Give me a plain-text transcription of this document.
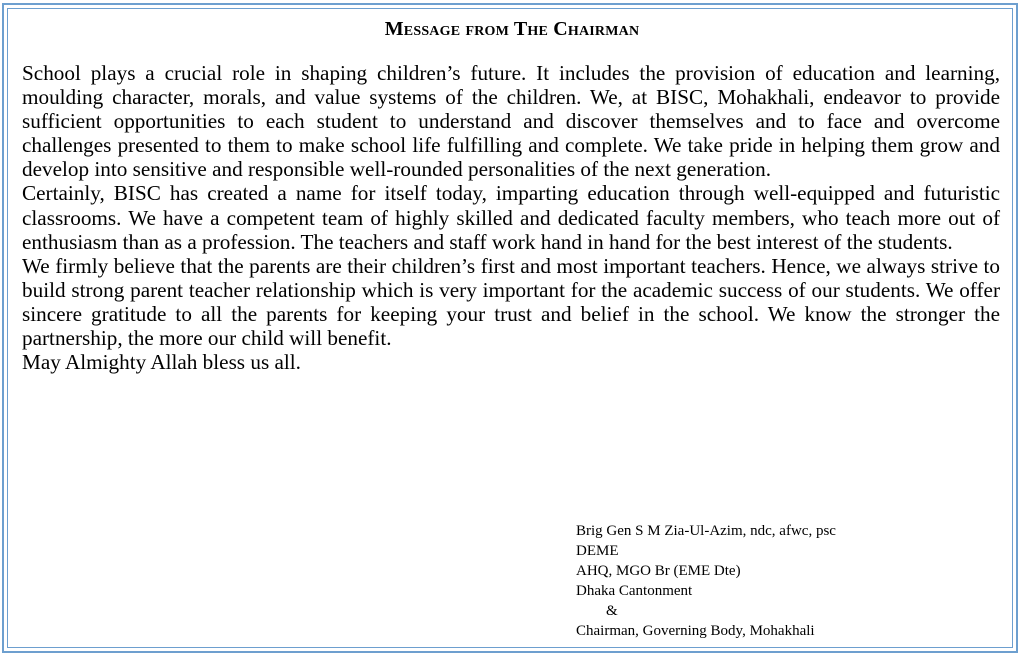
Message from The Chairman

School plays a crucial role in shaping children’s future. It includes the provision of education and learning, moulding character, morals, and value systems of the children. We, at BISC, Mohakhali, endeavor to provide sufficient opportunities to each student to understand and discover themselves and to face and overcome challenges presented to them to make school life fulfilling and complete. We take pride in helping them grow and develop into sensitive and responsible well-rounded personalities of the next generation.

Certainly, BISC has created a name for itself today, imparting education through well-equipped and futuristic classrooms. We have a competent team of highly skilled and dedicated faculty members, who teach more out of enthusiasm than as a profession. The teachers and staff work hand in hand for the best interest of the students.

We firmly believe that the parents are their children’s first and most important teachers. Hence, we always strive to build strong parent teacher relationship which is very important for the academic success of our students. We offer sincere gratitude to all the parents for keeping your trust and belief in the school. We know the stronger the partnership, the more our child will benefit.

May Almighty Allah bless us all.

Brig Gen S M Zia-Ul-Azim, ndc, afwc, psc
DEME
AHQ, MGO Br (EME Dte)
Dhaka Cantonment
&
Chairman, Governing Body, Mohakhali
